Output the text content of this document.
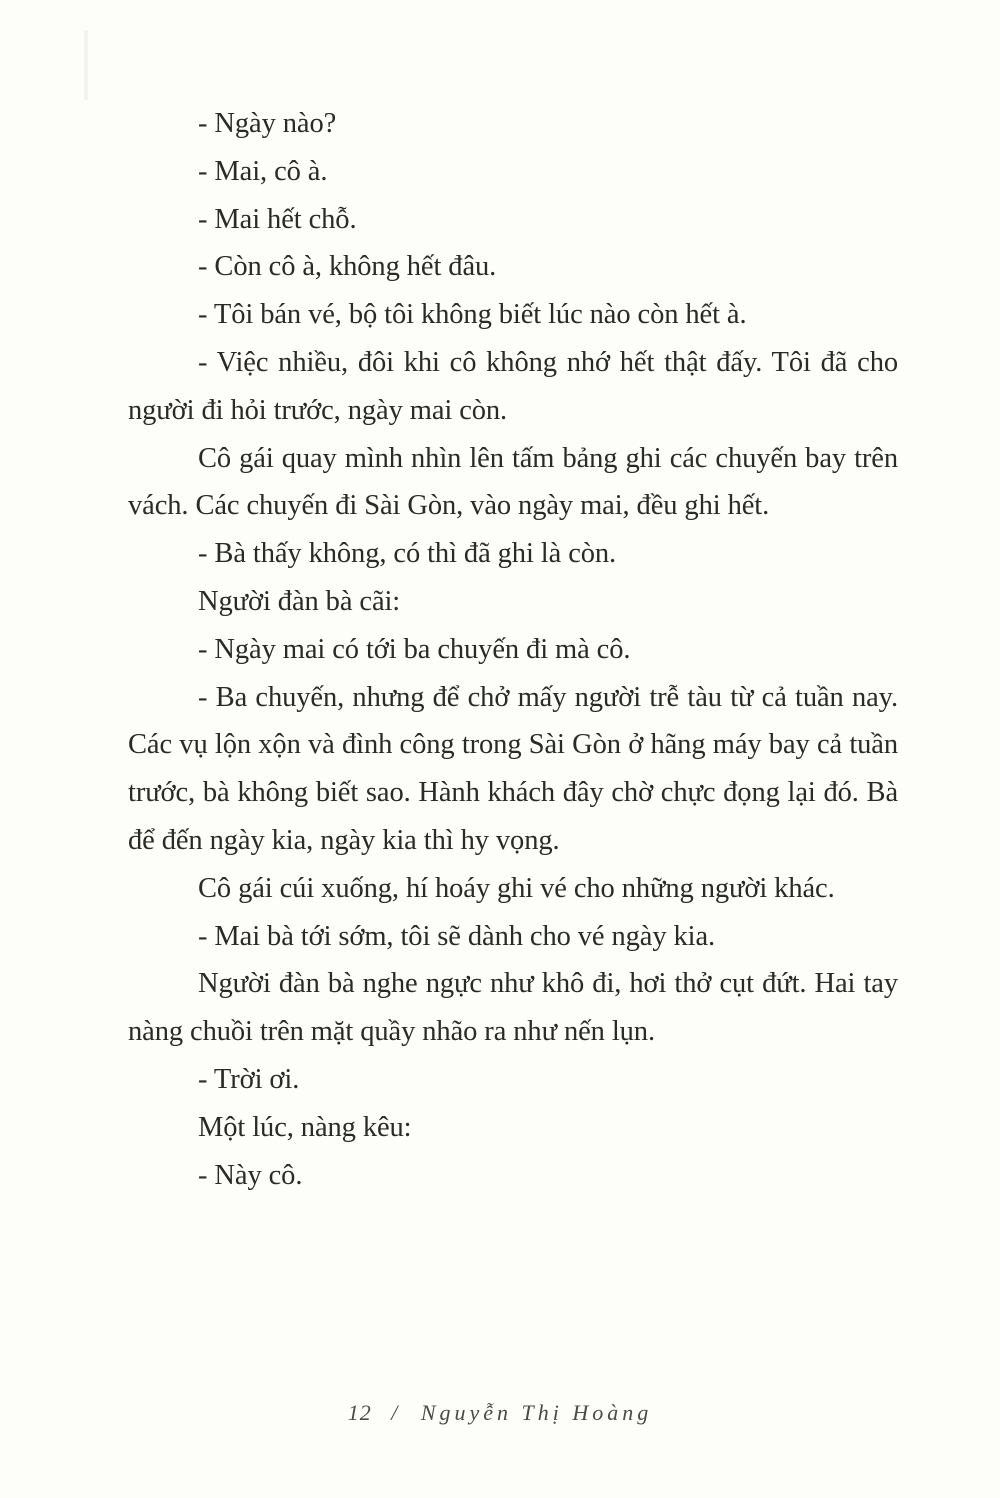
- Ngày nào?

- Mai, cô à.

- Mai hết chỗ.

- Còn cô à, không hết đâu.

- Tôi bán vé, bộ tôi không biết lúc nào còn hết à.

- Việc nhiều, đôi khi cô không nhớ hết thật đấy. Tôi đã cho người đi hỏi trước, ngày mai còn.

Cô gái quay mình nhìn lên tấm bảng ghi các chuyến bay trên vách. Các chuyến đi Sài Gòn, vào ngày mai, đều ghi hết.

- Bà thấy không, có thì đã ghi là còn.

Người đàn bà cãi:

- Ngày mai có tới ba chuyến đi mà cô.

- Ba chuyến, nhưng để chở mấy người trễ tàu từ cả tuần nay. Các vụ lộn xộn và đình công trong Sài Gòn ở hãng máy bay cả tuần trước, bà không biết sao. Hành khách đây chờ chực đọng lại đó. Bà để đến ngày kia, ngày kia thì hy vọng.

Cô gái cúi xuống, hí hoáy ghi vé cho những người khác.

- Mai bà tới sớm, tôi sẽ dành cho vé ngày kia.

Người đàn bà nghe ngực như khô đi, hơi thở cụt đứt. Hai tay nàng chuồi trên mặt quầy nhão ra như nến lụn.

- Trời ơi.

Một lúc, nàng kêu:

- Này cô.

12 / Nguyễn Thị Hoàng
